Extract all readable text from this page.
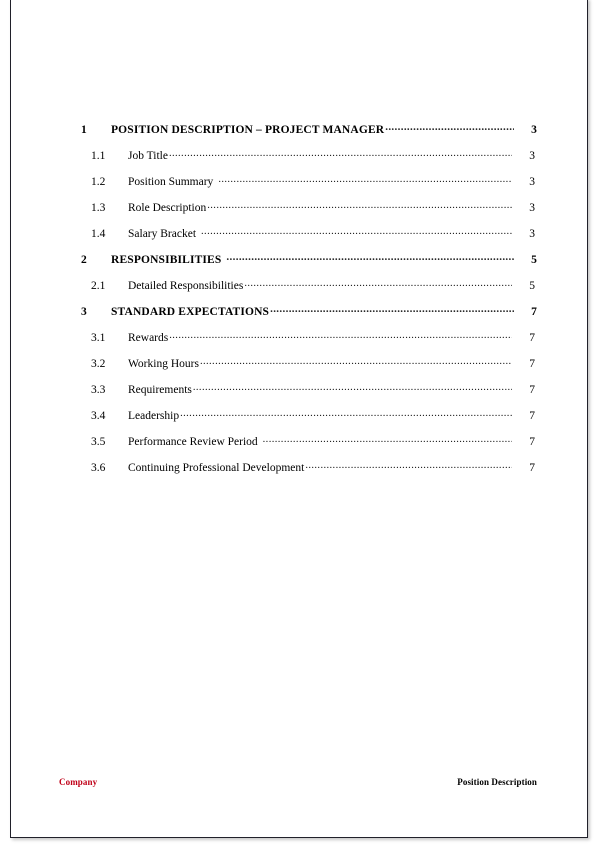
1	POSITION DESCRIPTION – PROJECT MANAGER .....	3
1.1	Job Title .....	3
1.2	Position Summary .....	3
1.3	Role Description .....	3
1.4	Salary Bracket .....	3
2	RESPONSIBILITIES .....	5
2.1	Detailed Responsibilities .....	5
3	STANDARD EXPECTATIONS .....	7
3.1	Rewards .....	7
3.2	Working Hours .....	7
3.3	Requirements .....	7
3.4	Leadership .....	7
3.5	Performance Review Period .....	7
3.6	Continuing Professional Development .....	7
Company	Position Description
